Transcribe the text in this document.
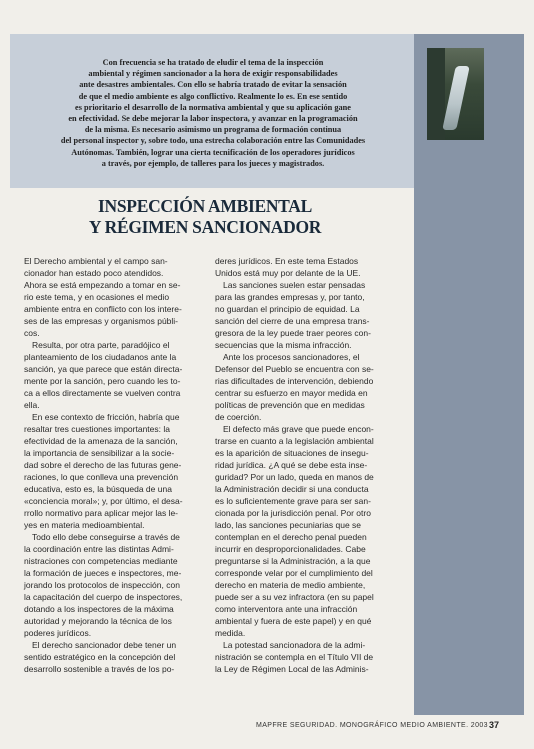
Con frecuencia se ha tratado de eludir el tema de la inspección
ambiental y régimen sancionador a la hora de exigir responsabilidades
ante desastres ambientales. Con ello se habría tratado de evitar la sensación
de que el medio ambiente es algo conflictivo. Realmente lo es. En ese sentido
es prioritario el desarrollo de la normativa ambiental y que su aplicación gane
en efectividad. Se debe mejorar la labor inspectora, y avanzar en la programación
de la misma. Es necesario asimismo un programa de formación continua
del personal inspector y, sobre todo, una estrecha colaboración entre las Comunidades
Autónomas. También, lograr una cierta tecnificación de los operadores jurídicos
a través, por ejemplo, de talleres para los jueces y magistrados.
INSPECCIÓN AMBIENTAL
Y RÉGIMEN SANCIONADOR

El Derecho ambiental y el campo san-
cionador han estado poco atendidos.
Ahora se está empezando a tomar en se-
rio este tema, y en ocasiones el medio
ambiente entra en conflicto con los intere-
ses de las empresas y organismos públi-
cos.

Resulta, por otra parte, paradójico el
planteamiento de los ciudadanos ante la
sanción, ya que parece que están directa-
mente por la sanción, pero cuando les to-
ca a ellos directamente se vuelven contra
ella.

En ese contexto de fricción, habría que
resaltar tres cuestiones importantes: la
efectividad de la amenaza de la sanción,
la importancia de sensibilizar a la socie-
dad sobre el derecho de las futuras gene-
raciones, lo que conlleva una prevención
educativa, esto es, la búsqueda de una
«conciencia moral»; y, por último, el desa-
rrollo normativo para aplicar mejor las le-
yes en materia medioambiental.

Todo ello debe conseguirse a través de
la coordinación entre las distintas Admi-
nistraciones con competencias mediante
la formación de jueces e inspectores, me-
jorando los protocolos de inspección, con
la capacitación del cuerpo de inspectores,
dotando a los inspectores de la máxima
autoridad y mejorando la técnica de los
poderes jurídicos.

El derecho sancionador debe tener un
sentido estratégico en la concepción del
desarrollo sostenible a través de los po-

deres jurídicos. En este tema Estados
Unidos está muy por delante de la UE.

Las sanciones suelen estar pensadas
para las grandes empresas y, por tanto,
no guardan el principio de equidad. La
sanción del cierre de una empresa trans-
gresora de la ley puede traer peores con-
secuencias que la misma infracción.

Ante los procesos sancionadores, el
Defensor del Pueblo se encuentra con se-
rias dificultades de intervención, debiendo
centrar su esfuerzo en mayor medida en
políticas de prevención que en medidas
de coerción.

El defecto más grave que puede encon-
trarse en cuanto a la legislación ambiental
es la aparición de situaciones de insegu-
ridad jurídica. ¿A qué se debe esta inse-
guridad? Por un lado, queda en manos de
la Administración decidir si una conducta
es lo suficientemente grave para ser san-
cionada por la jurisdicción penal. Por otro
lado, las sanciones pecuniarias que se
contemplan en el derecho penal pueden
incurrir en desproporcionalidades. Cabe
preguntarse si la Administración, a la que
corresponde velar por el cumplimiento del
derecho en materia de medio ambiente,
puede ser a su vez infractora (en su papel
como interventora ante una infracción
ambiental y fuera de este papel) y en qué
medida.

La potestad sancionadora de la admi-
nistración se contempla en el Título VII de
la Ley de Régimen Local de las Adminis-

MAPFRE SEGURIDAD. MONOGRÁFICO MEDIO AMBIENTE. 2003 37
